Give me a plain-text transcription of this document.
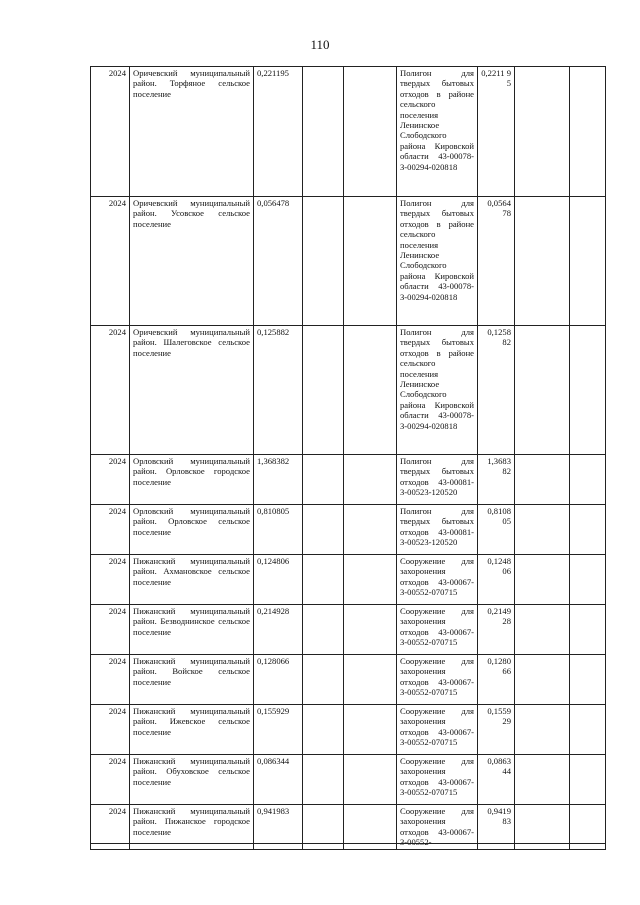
110
2024	Оричевский муниципальный район. Торфяное сельское поселение	0,221195			Полигон для твердых бытовых отходов в районе сельского поселения Ленинское Слободского района Кировской области 43-00078-З-00294-020818	0,2211 95		
2024	Оричевский муниципальный район. Усовское сельское поселение	0,056478			Полигон для твердых бытовых отходов в районе сельского поселения Ленинское Слободского района Кировской области 43-00078-З-00294-020818	0,0564 78		
2024	Оричевский муниципальный район. Шалеговское сельское поселение	0,125882			Полигон для твердых бытовых отходов в районе сельского поселения Ленинское Слободского района Кировской области 43-00078-З-00294-020818	0,1258 82		
2024	Орловский муниципальный район. Орловское городское поселение	1,368382			Полигон для твердых бытовых отходов 43-00081-З-00523-120520	1,3683 82		
2024	Орловский муниципальный район. Орловское сельское поселение	0,810805			Полигон для твердых бытовых отходов 43-00081-З-00523-120520	0,8108 05		
2024	Пижанский муниципальный район. Ахмановское сельское поселение	0,124806			Сооружение для захоронения отходов 43-00067-З-00552-070715	0,1248 06		
2024	Пижанский муниципальный район. Безводнинское сельское поселение	0,214928			Сооружение для захоронения отходов 43-00067-З-00552-070715	0,2149 28		
2024	Пижанский муниципальный район. Войское сельское поселение	0,128066			Сооружение для захоронения отходов 43-00067-З-00552-070715	0,1280 66		
2024	Пижанский муниципальный район. Ижевское сельское поселение	0,155929			Сооружение для захоронения отходов 43-00067-З-00552-070715	0,1559 29		
2024	Пижанский муниципальный район. Обуховское сельское поселение	0,086344			Сооружение для захоронения отходов 43-00067-З-00552-070715	0,0863 44		
2024	Пижанский муниципальный район. Пижанское городское поселение	0,941983			Сооружение для захоронения отходов 43-00067-З-00552-	0,9419 83		
